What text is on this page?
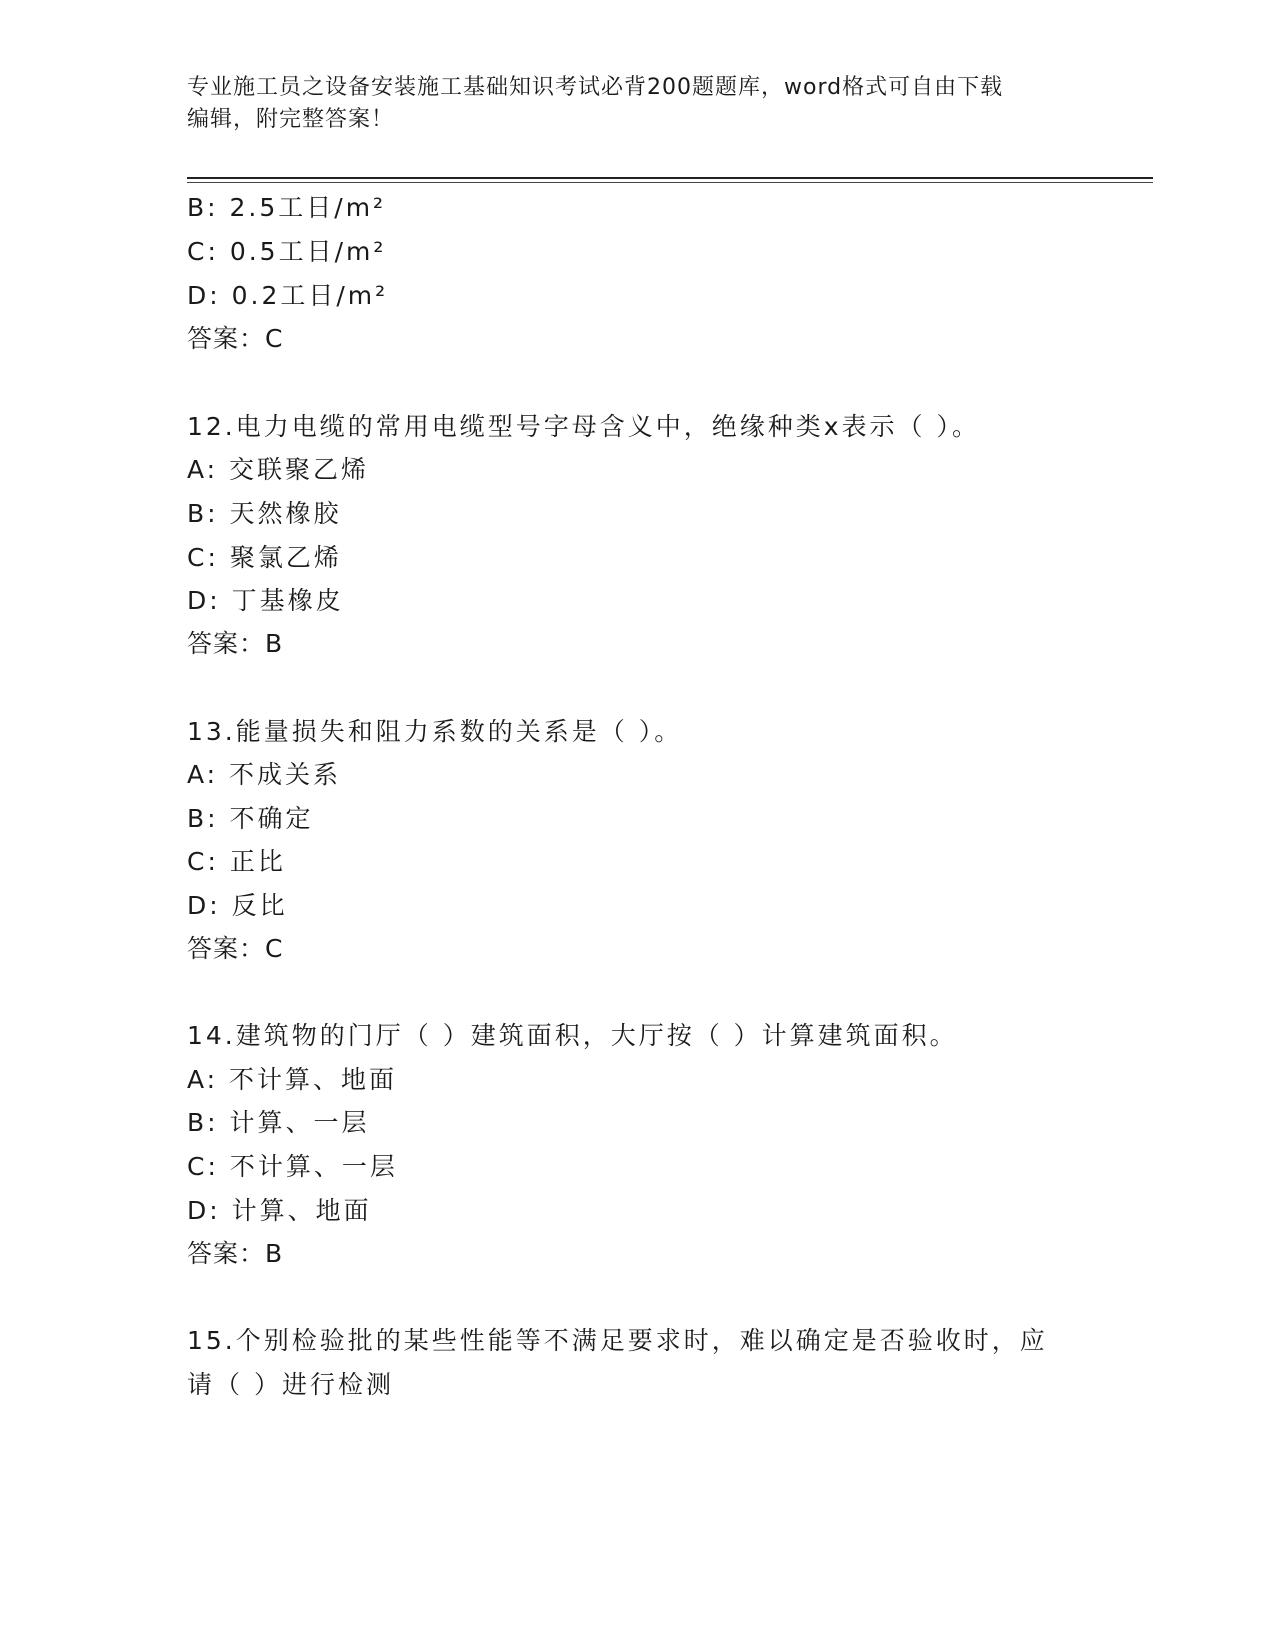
专业施工员之设备安装施工基础知识考试必背200题题库，word格式可自由下载
编辑，附完整答案！
B: 2.5工日/m²
C: 0.5工日/m²
D: 0.2工日/m²
答案：C
12.电力电缆的常用电缆型号字母含义中，绝缘种类x表示（ ）。
A: 交联聚乙烯
B: 天然橡胶
C: 聚氯乙烯
D: 丁基橡皮
答案：B
13.能量损失和阻力系数的关系是（ ）。
A: 不成关系
B: 不确定
C: 正比
D: 反比
答案：C
14.建筑物的门厅（ ）建筑面积，大厅按（ ）计算建筑面积。
A: 不计算、地面
B: 计算、一层
C: 不计算、一层
D: 计算、地面
答案：B
15.个别检验批的某些性能等不满足要求时，难以确定是否验收时，应
请（ ）进行检测
